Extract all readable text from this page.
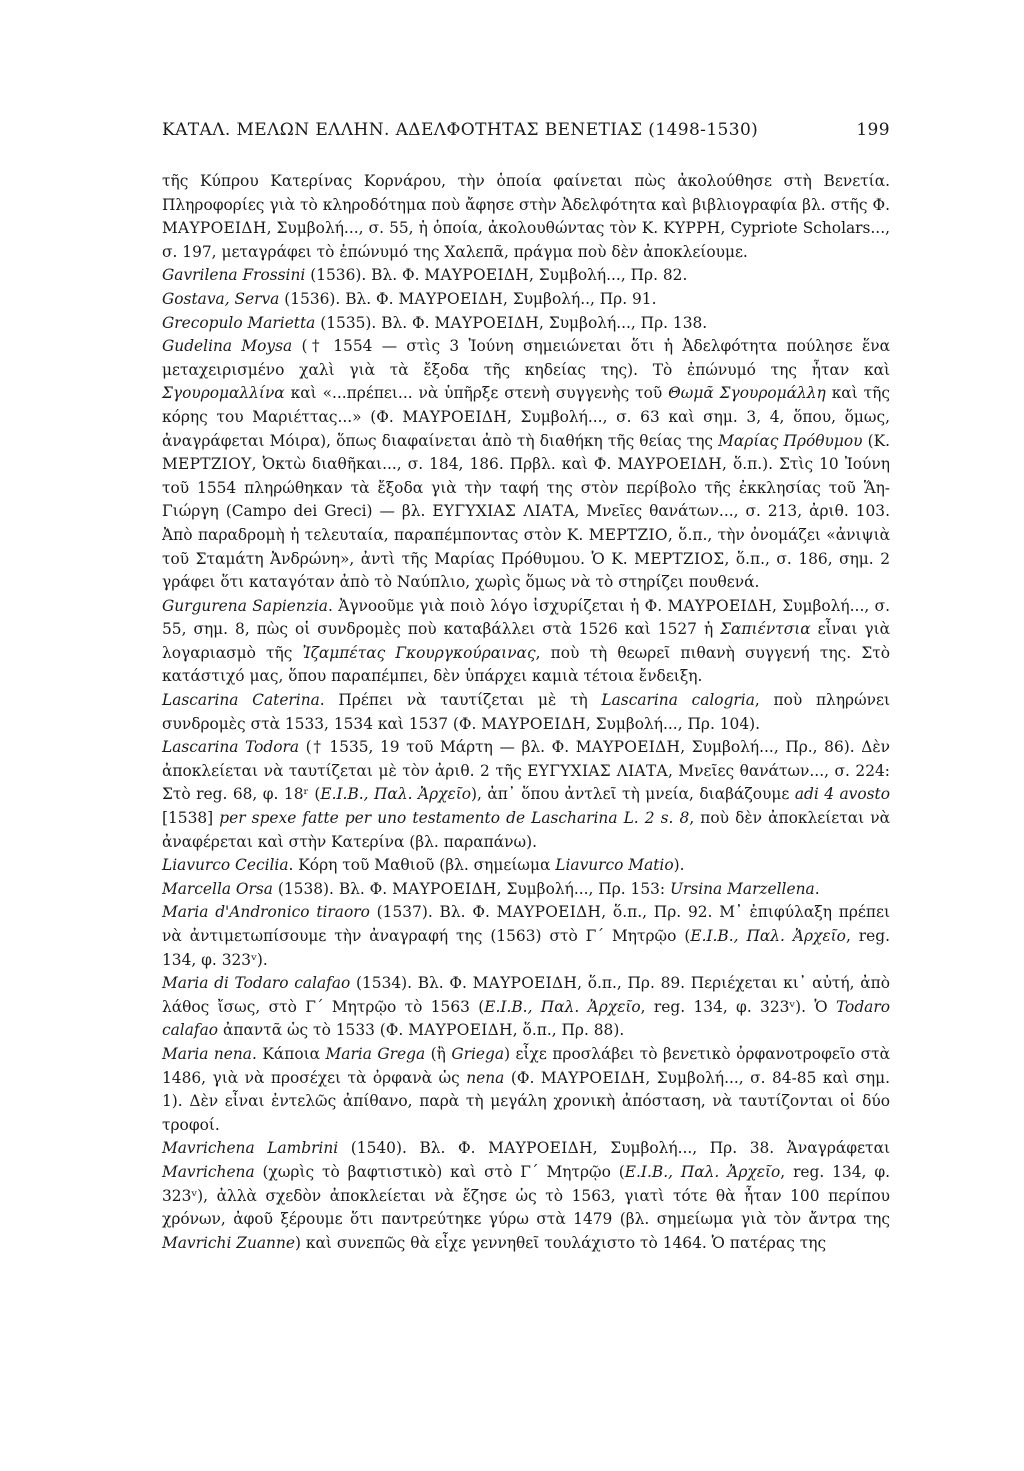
ΚΑΤΑΛ. ΜΕΛΩΝ ΕΛΛΗΝ. ΑΔΕΛΦΟΤΗΤΑΣ ΒΕΝΕΤΙΑΣ (1498-1530)	199

τῆς Κύπρου Κατερίνας Κορνάρου, τὴν ὁποία φαίνεται πὼς ἀκολούθησε στὴ Βενετία. Πληροφορίες γιὰ τὸ κληροδότημα ποὺ ἄφησε στὴν Ἀδελφότητα καὶ βιβλιογραφία βλ. στῆς Φ. ΜΑΥΡΟΕΙΔΗ, Συμβολή..., σ. 55, ἡ ὁποία, ἀκολουθώντας τὸν Κ. ΚΥΡΡΗ, Cypriote Scholars..., σ. 197, μεταγράφει τὸ ἐπώνυμό της Χαλεπᾶ, πράγμα ποὺ δὲν ἀποκλείουμε.

Gavrilena Frossini (1536). Βλ. Φ. ΜΑΥΡΟΕΙΔΗ, Συμβολή..., Πρ. 82.

Gostava, Serva (1536). Βλ. Φ. ΜΑΥΡΟΕΙΔΗ, Συμβολή.., Πρ. 91.

Grecopulo Marietta (1535). Βλ. Φ. ΜΑΥΡΟΕΙΔΗ, Συμβολή..., Πρ. 138.

Gudelina Moysa († 1554 — στὶς 3 Ἰούνη σημειώνεται ὅτι ἡ Ἀδελφότητα πούλησε ἕνα μεταχειρισμένο χαλὶ γιὰ τὰ ἔξοδα τῆς κηδείας της). Τὸ ἐπώνυμό της ἦταν καὶ Σγουρομαλλίνα καὶ «...πρέπει... νὰ ὑπῆρξε στενὴ συγγενὴς τοῦ Θωμᾶ Σγουρομάλλη καὶ τῆς κόρης του Μαριέττας...» (Φ. ΜΑΥΡΟΕΙΔΗ, Συμβολή..., σ. 63 καὶ σημ. 3, 4, ὅπου, ὅμως, ἀναγράφεται Μόιρα), ὅπως διαφαίνεται ἀπὸ τὴ διαθήκη τῆς θείας της Μαρίας Πρόθυμου (Κ. ΜΕΡΤΖΙΟΥ, Ὀκτὼ διαθῆκαι..., σ. 184, 186. Πρβλ. καὶ Φ. ΜΑΥΡΟΕΙΔΗ, ὅ.π.). Στὶς 10 Ἰούνη τοῦ 1554 πληρώθηκαν τὰ ἔξοδα γιὰ τὴν ταφή της στὸν περίβολο τῆς ἐκκλησίας τοῦ Ἅη-Γιώργη (Campo dei Greci) — βλ. ΕΥΓΥΧΙΑΣ ΛΙΑΤΑ, Μνεῖες θανάτων..., σ. 213, ἀριθ. 103. Ἀπὸ παραδρομὴ ἡ τελευταία, παραπέμποντας στὸν Κ. ΜΕΡΤΖΙΟ, ὅ.π., τὴν ὀνομάζει «ἀνιψιὰ τοῦ Σταμάτη Ἀνδρώνη», ἀντὶ τῆς Μαρίας Πρόθυμου. Ὁ Κ. ΜΕΡΤΖΙΟΣ, ὅ.π., σ. 186, σημ. 2 γράφει ὅτι καταγόταν ἀπὸ τὸ Ναύπλιο, χωρὶς ὅμως νὰ τὸ στηρίζει πουθενά.

Gurgurena Sapienzia. Ἀγνοοῦμε γιὰ ποιὸ λόγο ἰσχυρίζεται ἡ Φ. ΜΑΥΡΟΕΙΔΗ, Συμβολή..., σ. 55, σημ. 8, πὼς οἱ συνδρομὲς ποὺ καταβάλλει στὰ 1526 καὶ 1527 ἡ Σαπιέντσια εἶναι γιὰ λογαριασμὸ τῆς Ἰζαμπέτας Γκουργκούραινας, ποὺ τὴ θεωρεῖ πιθανὴ συγγενή της. Στὸ κατάστιχό μας, ὅπου παραπέμπει, δὲν ὑπάρχει καμιὰ τέτοια ἔνδειξη.

Lascarina Caterina. Πρέπει νὰ ταυτίζεται μὲ τὴ Lascarina calogria, ποὺ πληρώνει συνδρομὲς στὰ 1533, 1534 καὶ 1537 (Φ. ΜΑΥΡΟΕΙΔΗ, Συμβολή..., Πρ. 104).

Lascarina Todora († 1535, 19 τοῦ Μάρτη — βλ. Φ. ΜΑΥΡΟΕΙΔΗ, Συμβολή..., Πρ., 86). Δὲν ἀποκλείεται νὰ ταυτίζεται μὲ τὸν ἀριθ. 2 τῆς ΕΥΓΥΧΙΑΣ ΛΙΑΤΑ, Μνεῖες θανάτων..., σ. 224: Στὸ reg. 68, φ. 18ʳ (E.I.B., Παλ. Ἀρχεῖο), ἀπ᾽ ὅπου ἀντλεῖ τὴ μνεία, διαβάζουμε adi 4 avosto [1538] per spexe fatte per uno testamento de Lascharina L. 2 s. 8, ποὺ δὲν ἀποκλείεται νὰ ἀναφέρεται καὶ στὴν Κατερίνα (βλ. παραπάνω).

Liavurco Cecilia. Κόρη τοῦ Μαθιοῦ (βλ. σημείωμα Liavurco Matio).

Marcella Orsa (1538). Βλ. Φ. ΜΑΥΡΟΕΙΔΗ, Συμβολή..., Πρ. 153: Ursina Marzellena.

Maria d'Andronico tiraoro (1537). Βλ. Φ. ΜΑΥΡΟΕΙΔΗ, ὅ.π., Πρ. 92. Μ᾽ ἐπιφύλαξη πρέπει νὰ ἀντιμετωπίσουμε τὴν ἀναγραφή της (1563) στὸ Γ´ Μητρῷο (E.I.B., Παλ. Ἀρχεῖο, reg. 134, φ. 323ᵛ).

Maria di Todaro calafao (1534). Βλ. Φ. ΜΑΥΡΟΕΙΔΗ, ὅ.π., Πρ. 89. Περιέχεται κι᾽ αὐτή, ἀπὸ λάθος ἴσως, στὸ Γ´ Μητρῷο τὸ 1563 (E.I.B., Παλ. Ἀρχεῖο, reg. 134, φ. 323ᵛ). Ὁ Todaro calafao ἀπαντᾶ ὡς τὸ 1533 (Φ. ΜΑΥΡΟΕΙΔΗ, ὅ.π., Πρ. 88).

Maria nena. Κάποια Maria Grega (ἢ Griega) εἶχε προσλάβει τὸ βενετικὸ ὀρφανοτροφεῖο στὰ 1486, γιὰ νὰ προσέχει τὰ ὀρφανὰ ὡς nena (Φ. ΜΑΥΡΟΕΙΔΗ, Συμβολή..., σ. 84-85 καὶ σημ. 1). Δὲν εἶναι ἐντελῶς ἀπίθανο, παρὰ τὴ μεγάλη χρονικὴ ἀπόσταση, νὰ ταυτίζονται οἱ δύο τροφοί.

Mavrichena Lambrini (1540). Βλ. Φ. ΜΑΥΡΟΕΙΔΗ, Συμβολή..., Πρ. 38. Ἀναγράφεται Mavrichena (χωρὶς τὸ βαφτιστικὸ) καὶ στὸ Γ´ Μητρῷο (E.I.B., Παλ. Ἀρχεῖο, reg. 134, φ. 323ᵛ), ἀλλὰ σχεδὸν ἀποκλείεται νὰ ἔζησε ὡς τὸ 1563, γιατὶ τότε θὰ ἦταν 100 περίπου χρόνων, ἀφοῦ ξέρουμε ὅτι παντρεύτηκε γύρω στὰ 1479 (βλ. σημείωμα γιὰ τὸν ἄντρα της Mavrichi Zuanne) καὶ συνεπῶς θὰ εἶχε γεννηθεῖ τουλάχιστο τὸ 1464. Ὁ πατέρας της
